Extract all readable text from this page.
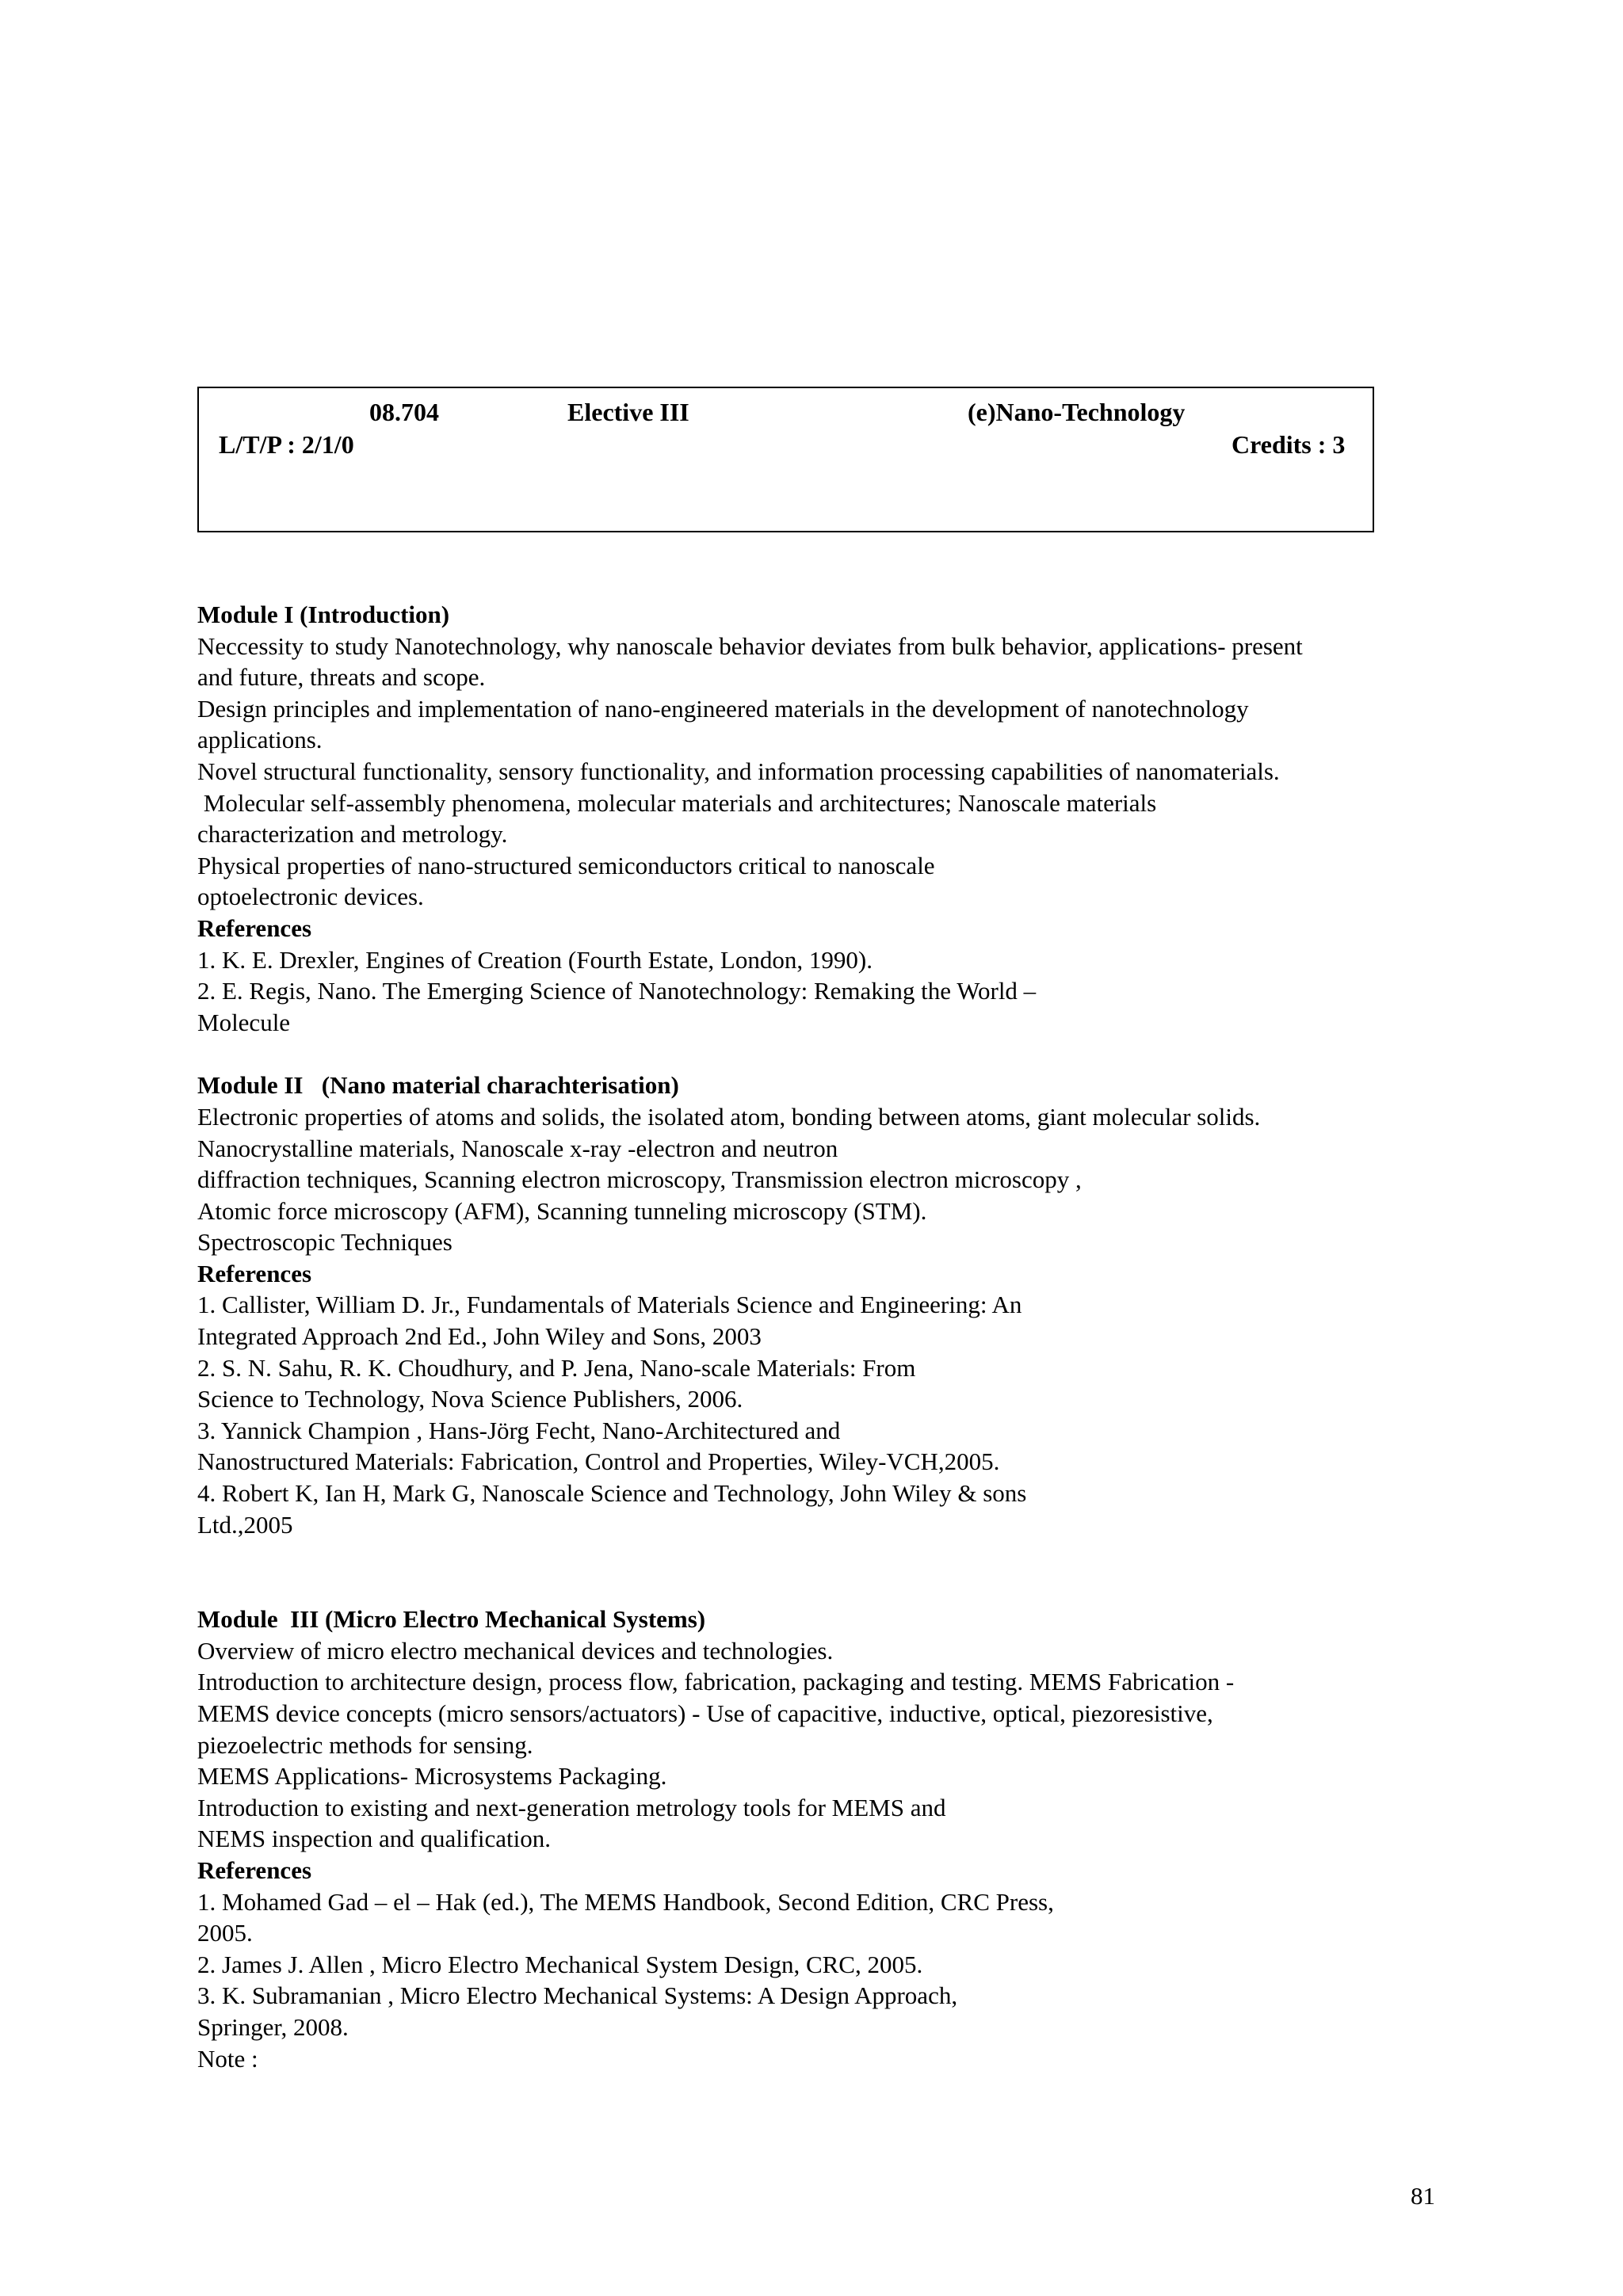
08.704	Elective III	(e)Nano-Technology
L/T/P : 2/1/0	Credits : 3
Module I (Introduction)
Neccessity to study Nanotechnology, why nanoscale behavior deviates from bulk behavior, applications- present
and future, threats and scope.
Design principles and implementation of nano-engineered materials in the development of nanotechnology
applications.
Novel structural functionality, sensory functionality, and information processing capabilities of nanomaterials.
Molecular self-assembly phenomena, molecular materials and architectures; Nanoscale materials
characterization and metrology.
Physical properties of nano-structured semiconductors critical to nanoscale
optoelectronic devices.
References
1. K. E. Drexler, Engines of Creation (Fourth Estate, London, 1990).
2. E. Regis, Nano. The Emerging Science of Nanotechnology: Remaking the World –
Molecule
Module II   (Nano material charachterisation)
Electronic properties of atoms and solids, the isolated atom, bonding between atoms, giant molecular solids.
Nanocrystalline materials, Nanoscale x-ray -electron and neutron
diffraction techniques, Scanning electron microscopy, Transmission electron microscopy ,
Atomic force microscopy (AFM), Scanning tunneling microscopy (STM).
Spectroscopic Techniques
References
1. Callister, William D. Jr., Fundamentals of Materials Science and Engineering: An
Integrated Approach 2nd Ed., John Wiley and Sons, 2003
2. S. N. Sahu, R. K. Choudhury, and P. Jena, Nano-scale Materials: From
Science to Technology, Nova Science Publishers, 2006.
3. Yannick Champion , Hans-Jörg Fecht, Nano-Architectured and
Nanostructured Materials: Fabrication, Control and Properties, Wiley-VCH,2005.
4. Robert K, Ian H, Mark G, Nanoscale Science and Technology, John Wiley & sons
Ltd.,2005
Module  III (Micro Electro Mechanical Systems)
Overview of micro electro mechanical devices and technologies.
Introduction to architecture design, process flow, fabrication, packaging and testing. MEMS Fabrication -
MEMS device concepts (micro sensors/actuators) - Use of capacitive, inductive, optical, piezoresistive,
piezoelectric methods for sensing.
MEMS Applications- Microsystems Packaging.
Introduction to existing and next-generation metrology tools for MEMS and
NEMS inspection and qualification.
References
1. Mohamed Gad – el – Hak (ed.), The MEMS Handbook, Second Edition, CRC Press,
2005.
2. James J. Allen , Micro Electro Mechanical System Design, CRC, 2005.
3. K. Subramanian , Micro Electro Mechanical Systems: A Design Approach,
Springer, 2008.
Note :
81
